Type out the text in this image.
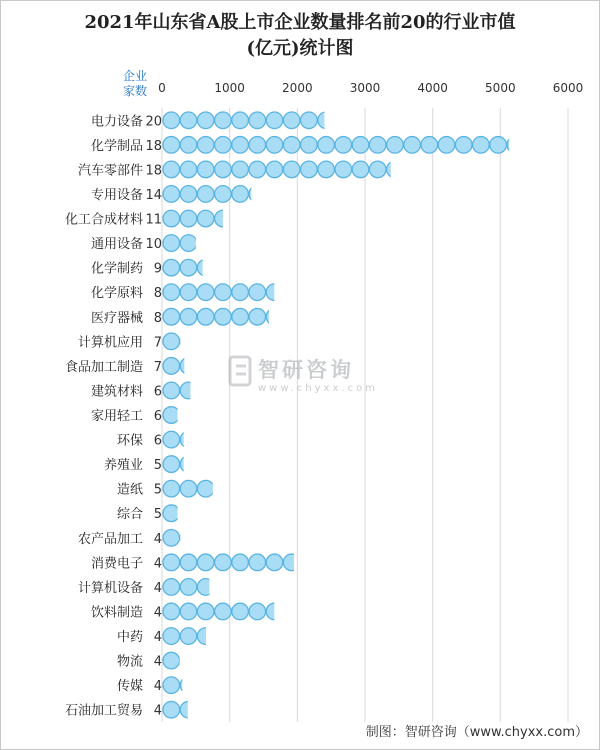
2021年山东省A股上市企业数量排名前20的行业市值
(亿元)统计图
企业
家数 0	1000	2000	3000	4000	5000	6000
智研咨询
www.chyxx.com
电力设备 20
化学制品 18
汽车零部件 18
专用设备 14
化工合成材料 11
通用设备 10
化学制药 9
化学原料 8
医疗器械 8
计算机应用 7
食品加工制造 7
建筑材料 6
家用轻工 6
环保 6
养殖业 5
造纸 5
综合 5
农产品加工 4
消费电子 4
计算机设备 4
饮料制造 4
中药 4
物流 4
传媒 4
石油加工贸易 4
制图：智研咨询（www.chyxx.com）
